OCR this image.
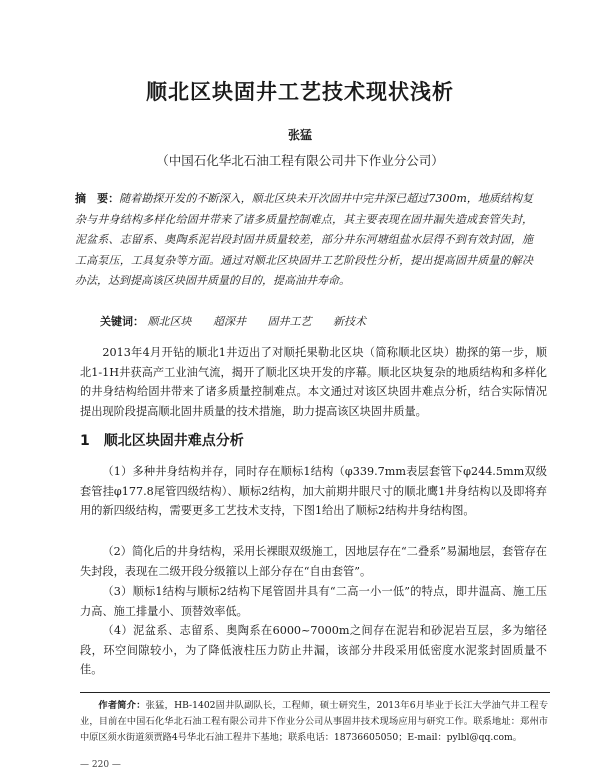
顺北区块固井工艺技术现状浅析
张猛
（中国石化华北石油工程有限公司井下作业分公司）
摘　要：随着勘探开发的不断深入，顺北区块未开次固井中完井深已超过7300m，地质结构复杂与井身结构多样化给固井带来了诸多质量控制难点，其主要表现在固井漏失造成套管失封，泥盆系、志留系、奥陶系泥岩段封固井质量较差，部分井东河塘组盐水层得不到有效封固，施工高泵压，工具复杂等方面。通过对顺北区块固井工艺阶段性分析，提出提高固井质量的解决办法，达到提高该区块固井质量的目的，提高油井寿命。
关键词： 顺北区块 超深井 固井工艺 新技术

2013年4月开钻的顺北1井迈出了对顺托果勒北区块（简称顺北区块）勘探的第一步，顺北1-1H井获高产工业油气流，揭开了顺北区块开发的序幕。顺北区块复杂的地质结构和多样化的井身结构给固井带来了诸多质量控制难点。本文通过对该区块固井难点分析，结合实际情况提出现阶段提高顺北固井质量的技术措施，助力提高该区块固井质量。

1 顺北区块固井难点分析

（1）多种井身结构并存，同时存在顺标1结构（φ339.7mm表层套管下φ244.5mm双级套管挂φ177.8尾管四级结构）、顺标2结构，加大前期井眼尺寸的顺北鹰1井身结构以及即将弃用的新四级结构，需要更多工艺技术支持，下图1给出了顺标2结构井身结构图。

（2）简化后的井身结构，采用长裸眼双级施工，因地层存在“二叠系”易漏地层，套管存在失封段，表现在二级开段分级箍以上部分存在“自由套管”。

（3）顺标1结构与顺标2结构下尾管固井具有“二高一小一低”的特点，即井温高、施工压力高、施工排量小、顶替效率低。

（4）泥盆系、志留系、奥陶系在6000~7000m之间存在泥岩和砂泥岩互层，多为缩径段，环空间隙较小，为了降低液柱压力防止井漏，该部分井段采用低密度水泥浆封固质量不佳。

作者简介：张猛，HB-1402固井队副队长，工程师，硕士研究生，2013年6月毕业于长江大学油气井工程专业，目前在中国石化华北石油工程有限公司井下作业分公司从事固井技术现场应用与研究工作。联系地址：郑州市中原区须水街道须贾路4号华北石油工程井下基地；联系电话：18736605050；E-mail：pylbl@qq.com。
— 220 —
